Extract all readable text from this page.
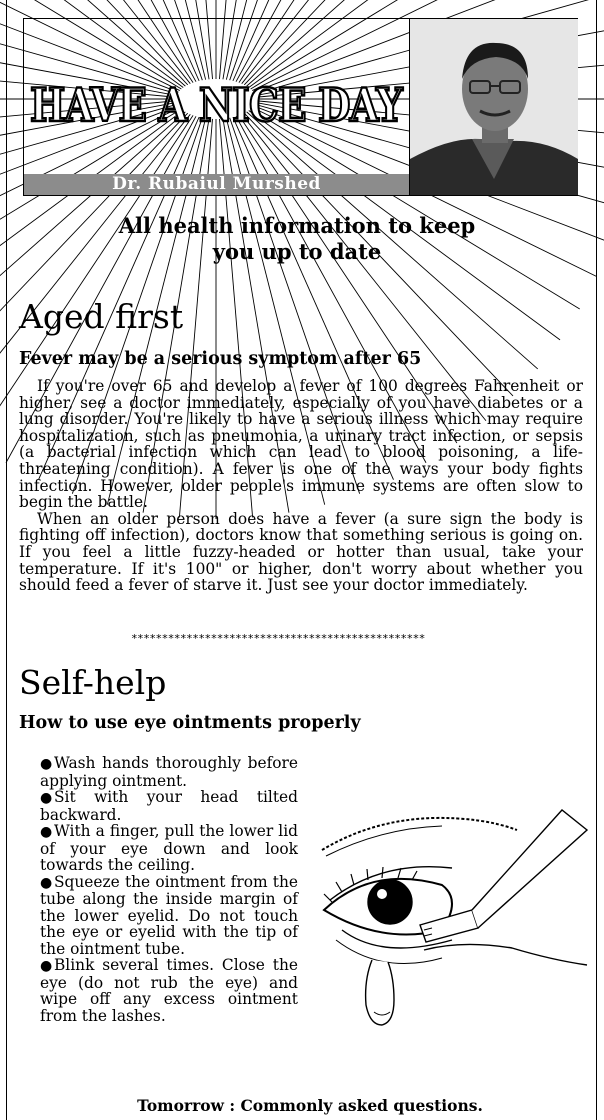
HAVE A NICE DAY
Dr. Rubaiul Murshed
All health information to keep
you up to date
Aged first
Fever may be a serious symptom after 65

If you're over 65 and develop a fever of 100 degrees Fahrenheit or higher, see a doctor immediately, especially of you have diabetes or a lung disorder. You're likely to have a serious illness which may require hospitalization, such as pneumonia, a urinary tract infection, or sepsis (a bacterial infection which can lead to blood poisoning, a life-threatening condition). A fever is one of the ways your body fights infection. However, older people's immune systems are often slow to begin the battle.

When an older person does have a fever (a sure sign the body is fighting off infection), doctors know that something serious is going on. If you feel a little fuzzy-headed or hotter than usual, take your temperature. If it's 100" or higher, don't worry about whether you should feed a fever of starve it. Just see your doctor immediately.

************************************************
Self-help
How to use eye ointments properly
● Wash hands thoroughly before applying ointment.
● Sit with your head tilted backward.
● With a finger, pull the lower lid of your eye down and look towards the ceiling.
● Squeeze the ointment from the tube along the inside margin of the lower eyelid. Do not touch the eye or eyelid with the tip of the ointment tube.
● Blink several times. Close the eye (do not rub the eye) and wipe off any excess ointment from the lashes.
Tomorrow : Commonly asked questions.
